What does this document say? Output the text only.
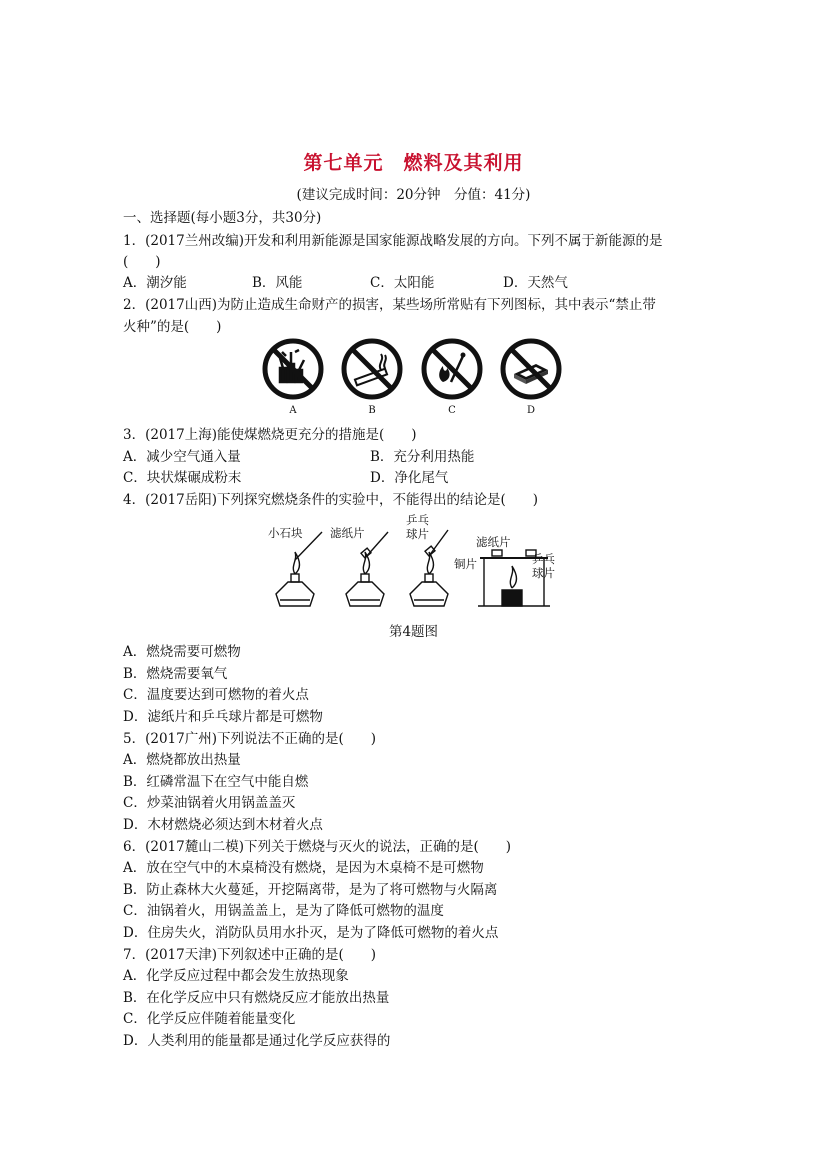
第七单元　燃料及其利用
(建议完成时间：20分钟　分值：41分)
一、选择题(每小题3分，共30分)
1．(2017兰州改编)开发和利用新能源是国家能源战略发展的方向。下列不属于新能源的是
(　　)
A．潮汐能	B．风能	C．太阳能	D．天然气
2．(2017山西)为防止造成生命财产的损害，某些场所常贴有下列图标，其中表示“禁止带
火种”的是(　　)
A	B	C	D
3．(2017上海)能使煤燃烧更充分的措施是(　　)
A．减少空气通入量	B．充分利用热能
C．块状煤碾成粉末	D．净化尾气
4．(2017岳阳)下列探究燃烧条件的实验中，不能得出的结论是(　　)
小石块 滤纸片
乒乓球片
滤纸片
铜片	乒乓球片
第4题图
A．燃烧需要可燃物
B．燃烧需要氧气
C．温度要达到可燃物的着火点
D．滤纸片和乒乓球片都是可燃物
5．(2017广州)下列说法不正确的是(　　)
A．燃烧都放出热量
B．红磷常温下在空气中能自燃
C．炒菜油锅着火用锅盖盖灭
D．木材燃烧必须达到木材着火点
6．(2017麓山二模)下列关于燃烧与灭火的说法，正确的是(　　)
A．放在空气中的木桌椅没有燃烧，是因为木桌椅不是可燃物
B．防止森林大火蔓延，开挖隔离带，是为了将可燃物与火隔离
C．油锅着火，用锅盖盖上，是为了降低可燃物的温度
D．住房失火，消防队员用水扑灭，是为了降低可燃物的着火点
7．(2017天津)下列叙述中正确的是(　　)
A．化学反应过程中都会发生放热现象
B．在化学反应中只有燃烧反应才能放出热量
C．化学反应伴随着能量变化
D．人类利用的能量都是通过化学反应获得的
